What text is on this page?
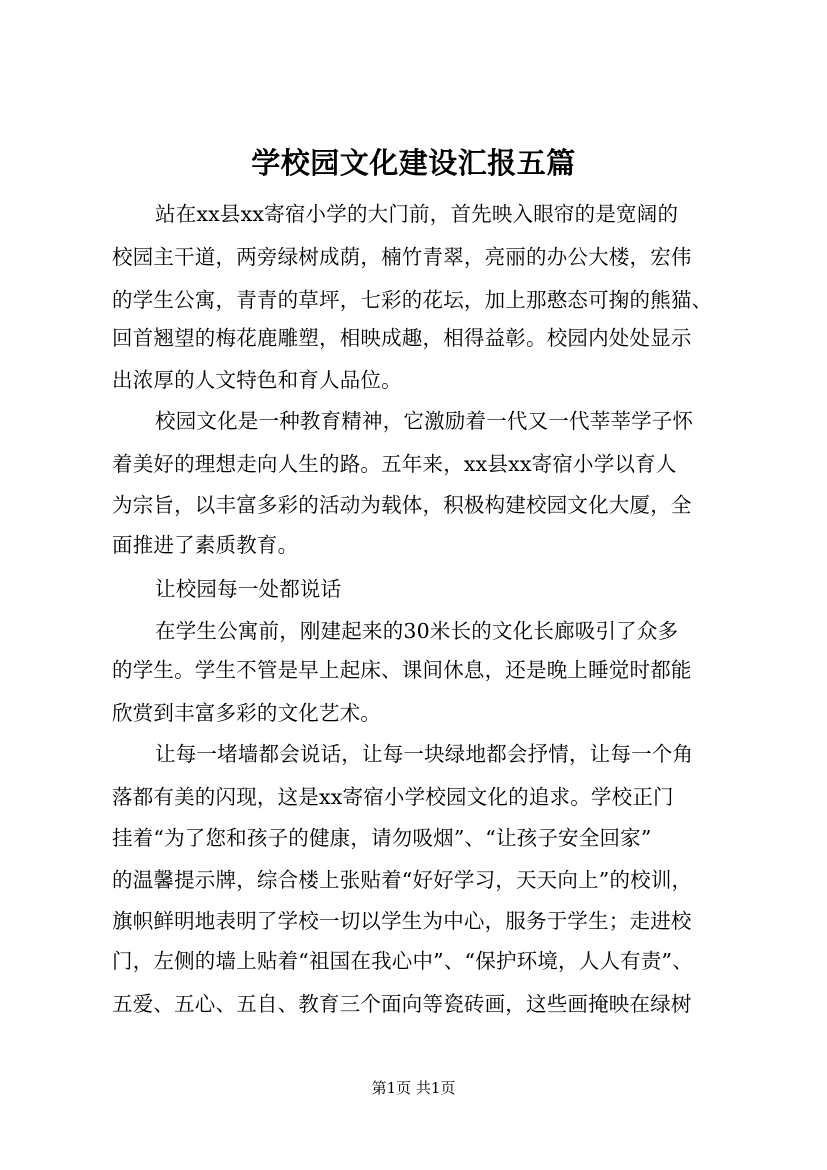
学校园文化建设汇报五篇
站在xx县xx寄宿小学的大门前，首先映入眼帘的是宽阔的
校园主干道，两旁绿树成荫，楠竹青翠，亮丽的办公大楼，宏伟
的学生公寓，青青的草坪，七彩的花坛，加上那憨态可掬的熊猫、
回首翘望的梅花鹿雕塑，相映成趣，相得益彰。校园内处处显示
出浓厚的人文特色和育人品位。
校园文化是一种教育精神，它激励着一代又一代莘莘学子怀
着美好的理想走向人生的路。五年来，xx县xx寄宿小学以育人
为宗旨，以丰富多彩的活动为载体，积极构建校园文化大厦，全
面推进了素质教育。
让校园每一处都说话
在学生公寓前，刚建起来的30米长的文化长廊吸引了众多
的学生。学生不管是早上起床、课间休息，还是晚上睡觉时都能
欣赏到丰富多彩的文化艺术。
让每一堵墙都会说话，让每一块绿地都会抒情，让每一个角
落都有美的闪现，这是xx寄宿小学校园文化的追求。学校正门
挂着“为了您和孩子的健康，请勿吸烟”、“让孩子安全回家”
的温馨提示牌，综合楼上张贴着“好好学习，天天向上”的校训，
旗帜鲜明地表明了学校一切以学生为中心，服务于学生；走进校
门，左侧的墙上贴着“祖国在我心中”、“保护环境，人人有责”、
五爱、五心、五自、教育三个面向等瓷砖画，这些画掩映在绿树
第1页 共1页
